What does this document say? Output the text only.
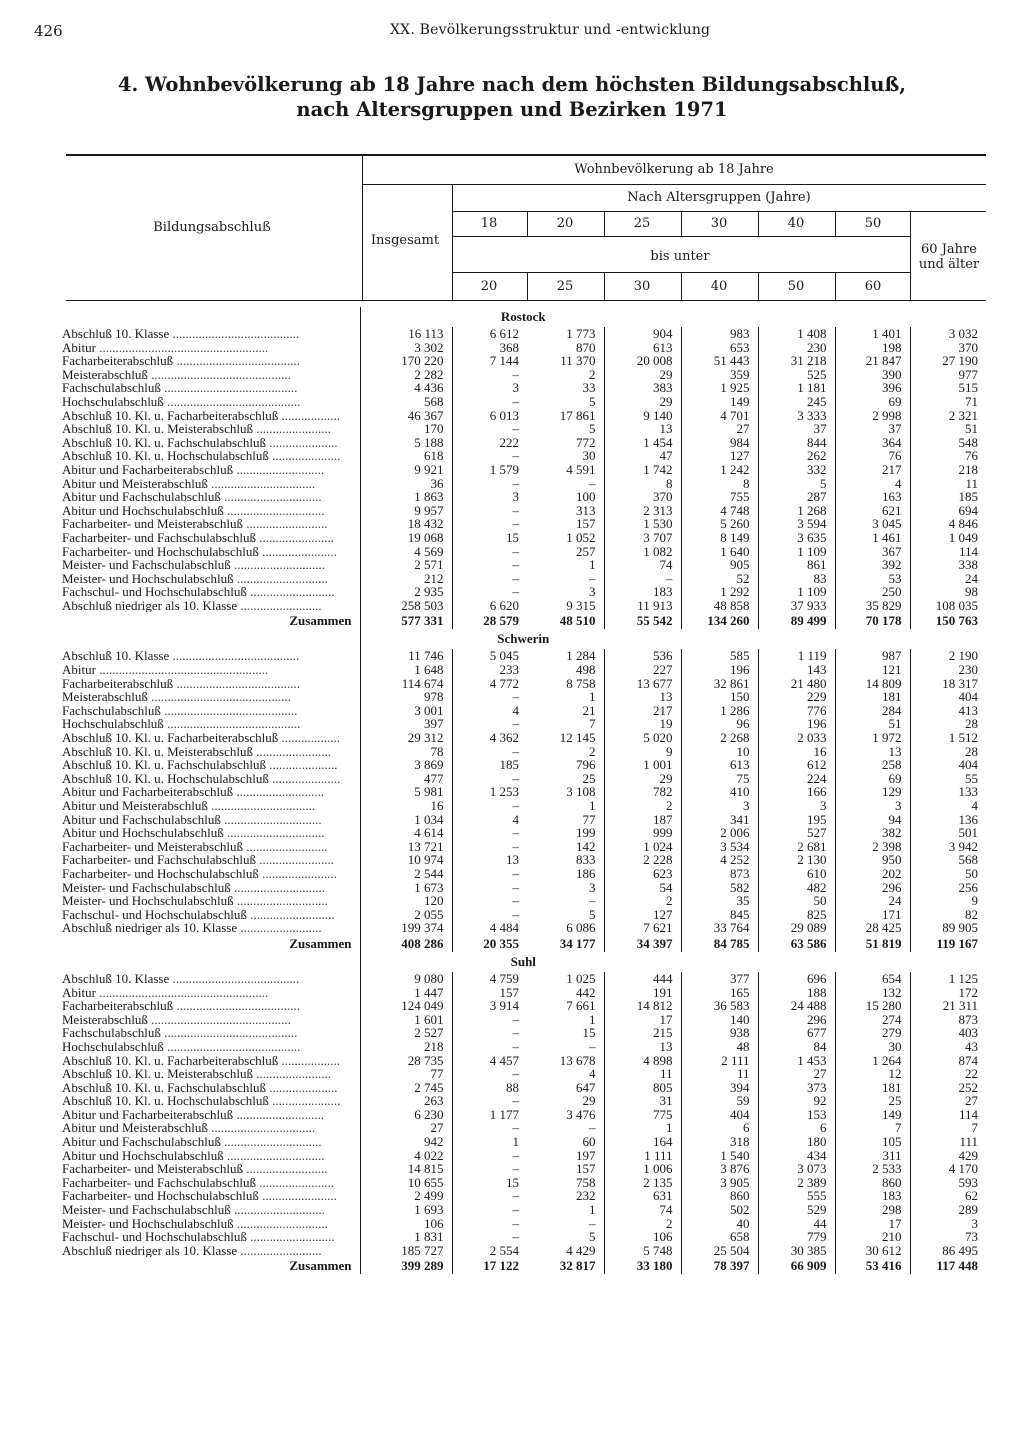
426	XX. Bevölkerungsstruktur und -entwicklung
4. Wohnbevölkerung ab 18 Jahre nach dem höchsten Bildungsabschluß,
nach Altersgruppen und Bezirken 1971
Bildungsabschluß
Wohnbevölkerung ab 18 Jahre
Insgesamt
Nach Altersgruppen (Jahre)
18	20	25	30	40	50
bis unter
20	25	30	40	50	60
60 Jahre
und älter
	Rostock							
Abschluß 10. Klasse .......................................	16 113	6 612	1 773	904	983	1 408	1 401	3 032
Abitur ....................................................	3 302	368	870	613	653	230	198	370
Facharbeiterabschluß ......................................	170 220	7 144	11 370	20 008	51 443	31 218	21 847	27 190
Meisterabschluß ...........................................	2 282	–	2	29	359	525	390	977
Fachschulabschluß .........................................	4 436	3	33	383	1 925	1 181	396	515
Hochschulabschluß .........................................	568	–	5	29	149	245	69	71
Abschluß 10. Kl. u. Facharbeiterabschluß ..................	46 367	6 013	17 861	9 140	4 701	3 333	2 998	2 321
Abschluß 10. Kl. u. Meisterabschluß .......................	170	–	5	13	27	37	37	51
Abschluß 10. Kl. u. Fachschulabschluß .....................	5 188	222	772	1 454	984	844	364	548
Abschluß 10. Kl. u. Hochschulabschluß .....................	618	–	30	47	127	262	76	76
Abitur und Facharbeiterabschluß ...........................	9 921	1 579	4 591	1 742	1 242	332	217	218
Abitur und Meisterabschluß ................................	36	–	–	8	8	5	4	11
Abitur und Fachschulabschluß ..............................	1 863	3	100	370	755	287	163	185
Abitur und Hochschulabschluß ..............................	9 957	–	313	2 313	4 748	1 268	621	694
Facharbeiter- und Meisterabschluß .........................	18 432	–	157	1 530	5 260	3 594	3 045	4 846
Facharbeiter- und Fachschulabschluß .......................	19 068	15	1 052	3 707	8 149	3 635	1 461	1 049
Facharbeiter- und Hochschulabschluß .......................	4 569	–	257	1 082	1 640	1 109	367	114
Meister- und Fachschulabschluß ............................	2 571	–	1	74	905	861	392	338
Meister- und Hochschulabschluß ............................	212	–	–	–	52	83	53	24
Fachschul- und Hochschulabschluß ..........................	2 935	–	3	183	1 292	1 109	250	98
Abschluß niedriger als 10. Klasse .........................	258 503	6 620	9 315	11 913	48 858	37 933	35 829	108 035
Zusammen	577 331	28 579	48 510	55 542	134 260	89 499	70 178	150 763
	Schwerin							
Abschluß 10. Klasse .......................................	11 746	5 045	1 284	536	585	1 119	987	2 190
Abitur ....................................................	1 648	233	498	227	196	143	121	230
Facharbeiterabschluß ......................................	114 674	4 772	8 758	13 677	32 861	21 480	14 809	18 317
Meisterabschluß ...........................................	978	–	1	13	150	229	181	404
Fachschulabschluß .........................................	3 001	4	21	217	1 286	776	284	413
Hochschulabschluß .........................................	397	–	7	19	96	196	51	28
Abschluß 10. Kl. u. Facharbeiterabschluß ..................	29 312	4 362	12 145	5 020	2 268	2 033	1 972	1 512
Abschluß 10. Kl. u. Meisterabschluß .......................	78	–	2	9	10	16	13	28
Abschluß 10. Kl. u. Fachschulabschluß .....................	3 869	185	796	1 001	613	612	258	404
Abschluß 10. Kl. u. Hochschulabschluß .....................	477	–	25	29	75	224	69	55
Abitur und Facharbeiterabschluß ...........................	5 981	1 253	3 108	782	410	166	129	133
Abitur und Meisterabschluß ................................	16	–	1	2	3	3	3	4
Abitur und Fachschulabschluß ..............................	1 034	4	77	187	341	195	94	136
Abitur und Hochschulabschluß ..............................	4 614	–	199	999	2 006	527	382	501
Facharbeiter- und Meisterabschluß .........................	13 721	–	142	1 024	3 534	2 681	2 398	3 942
Facharbeiter- und Fachschulabschluß .......................	10 974	13	833	2 228	4 252	2 130	950	568
Facharbeiter- und Hochschulabschluß .......................	2 544	–	186	623	873	610	202	50
Meister- und Fachschulabschluß ............................	1 673	–	3	54	582	482	296	256
Meister- und Hochschulabschluß ............................	120	–	–	2	35	50	24	9
Fachschul- und Hochschulabschluß ..........................	2 055	–	5	127	845	825	171	82
Abschluß niedriger als 10. Klasse .........................	199 374	4 484	6 086	7 621	33 764	29 089	28 425	89 905
Zusammen	408 286	20 355	34 177	34 397	84 785	63 586	51 819	119 167
	Suhl							
Abschluß 10. Klasse .......................................	9 080	4 759	1 025	444	377	696	654	1 125
Abitur ....................................................	1 447	157	442	191	165	188	132	172
Facharbeiterabschluß ......................................	124 049	3 914	7 661	14 812	36 583	24 488	15 280	21 311
Meisterabschluß ...........................................	1 601	–	1	17	140	296	274	873
Fachschulabschluß .........................................	2 527	–	15	215	938	677	279	403
Hochschulabschluß .........................................	218	–	–	13	48	84	30	43
Abschluß 10. Kl. u. Facharbeiterabschluß ..................	28 735	4 457	13 678	4 898	2 111	1 453	1 264	874
Abschluß 10. Kl. u. Meisterabschluß .......................	77	–	4	11	11	27	12	22
Abschluß 10. Kl. u. Fachschulabschluß .....................	2 745	88	647	805	394	373	181	252
Abschluß 10. Kl. u. Hochschulabschluß .....................	263	–	29	31	59	92	25	27
Abitur und Facharbeiterabschluß ...........................	6 230	1 177	3 476	775	404	153	149	114
Abitur und Meisterabschluß ................................	27	–	–	1	6	6	7	7
Abitur und Fachschulabschluß ..............................	942	1	60	164	318	180	105	111
Abitur und Hochschulabschluß ..............................	4 022	–	197	1 111	1 540	434	311	429
Facharbeiter- und Meisterabschluß .........................	14 815	–	157	1 006	3 876	3 073	2 533	4 170
Facharbeiter- und Fachschulabschluß .......................	10 655	15	758	2 135	3 905	2 389	860	593
Facharbeiter- und Hochschulabschluß .......................	2 499	–	232	631	860	555	183	62
Meister- und Fachschulabschluß ............................	1 693	–	1	74	502	529	298	289
Meister- und Hochschulabschluß ............................	106	–	–	2	40	44	17	3
Fachschul- und Hochschulabschluß ..........................	1 831	–	5	106	658	779	210	73
Abschluß niedriger als 10. Klasse .........................	185 727	2 554	4 429	5 748	25 504	30 385	30 612	86 495
Zusammen	399 289	17 122	32 817	33 180	78 397	66 909	53 416	117 448
